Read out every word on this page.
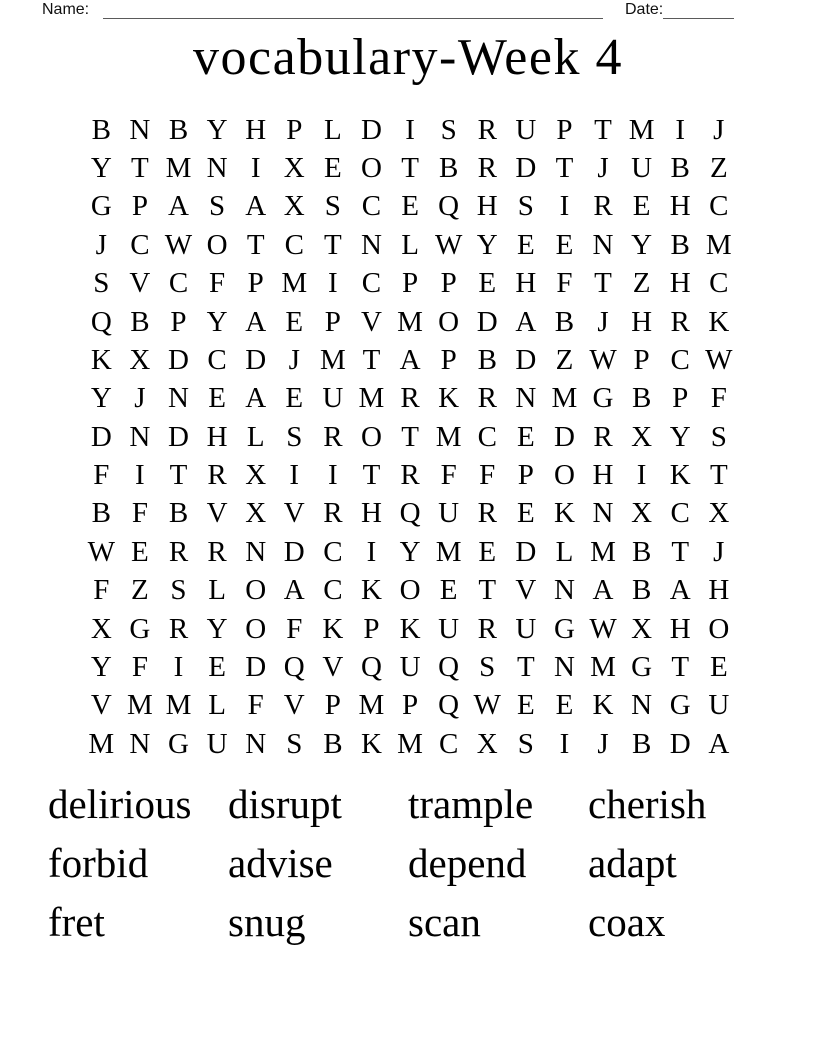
Name:	Date:
vocabulary-Week 4
B N B Y H P L D I S R U P T M I J
Y T M N I X E O T B R D T J U B Z
G P A S A X S C E Q H S I R E H C
J C W O T C T N L W Y E E N Y B M
S V C F P M I C P P E H F T Z H C
Q B P Y A E P V M O D A B J H R K
K X D C D J M T A P B D Z W P C W
Y J N E A E U M R K R N M G B P F
D N D H L S R O T M C E D R X Y S
F I T R X I I T R F F P O H I K T
B F B V X V R H Q U R E K N X C X
W E R R N D C I Y M E D L M B T J
F Z S L O A C K O E T V N A B A H
X G R Y O F K P K U R U G W X H O
Y F I E D Q V Q U Q S T N M G T E
V M M L F V P M P Q W E E K N G U
M N G U N S B K M C X S I J B D A
delirious disrupt	trample	cherish
forbid	advise	depend	adapt
fret	snug	scan	coax
